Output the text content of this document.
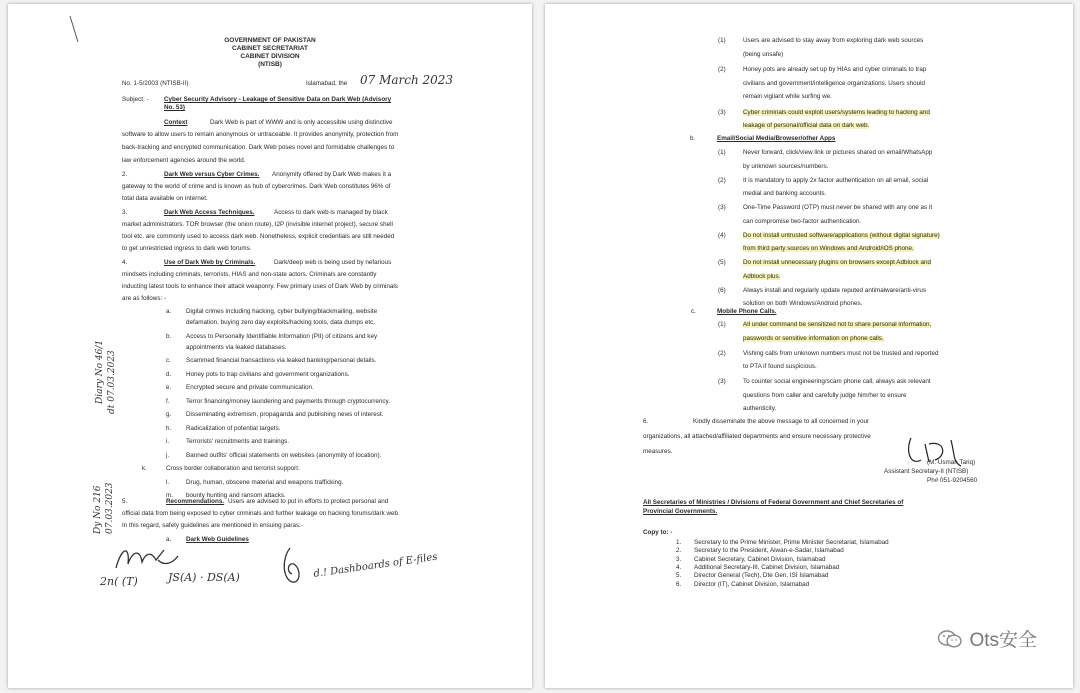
GOVERNMENT OF PAKISTAN
CABINET SECRETARIAT
CABINET DIVISION
(NTISB)
No. 1-5/2003 (NTISB-II)	Islamabad, the 07 March 2023
Subject: - Cyber Security Advisory - Leakage of Sensitive Data on Dark Web (Advisory
No. 53)
Context	Dark Web is part of WWW and is only accessible using distinctive
software to allow users to remain anonymous or untraceable. It provides anonymity, protection from
back-tracking and encrypted communication. Dark Web poses novel and formidable challenges to
law enforcement agencies around the world.
2.	Dark Web versus Cyber Crimes. Anonymity offered by Dark Web makes it a
gateway to the world of crime and is known as hub of cybercrimes. Dark Web constitutes 96% of
total data available on internet.
3.	Dark Web Access Techniques.	Access to dark web is managed by black
market administrators. TOR browser (the onion route), I2P (invisible internet project), secure shell
tool etc. are commonly used to access dark web. Nonetheless, explicit credentials are still needed
to get unrestricted ingress to dark web forums.
4.	Use of Dark Web by Criminals.	Dark/deep web is being used by nefarious
mindsets including criminals, terrorists, HIAS and non-state actors. Criminals are constantly
inducting latest tools to enhance their attack weaponry. Few primary uses of Dark Web by criminals
are as follows: -
a. Digital crimes including hacking, cyber bullying/blackmailing, website
defamation, buying zero day exploits/hacking tools, data dumps etc.
b. Access to Personally Identifiable Information (PII) of citizens and key
appointments via leaked databases.
c. Scammed financial transactions via leaked banking/personal details.
d. Honey pots to trap civilians and government organizations.
e. Encrypted secure and private communication.
f.	Terror financing/money laundering and payments through cryptocurrency.
g. Disseminating extremism, propaganda and publishing news of interest.
h. Radicalization of potential targets.
i.	Terrorists' recruitments and trainings.
j.	Banned outfits' official statements on websites (anonymity of location).
k.	Cross border collaboration and terrorist support.
l.	Drug, human, obscene material and weapons trafficking.
m. bounty hunting and ransom attacks.
5.	Recommendations. Users are advised to put in efforts to protect personal and
official data from being exposed to cyber criminals and further leakage on hacking forums/dark web.
In this regard, safety guidelines are mentioned in ensuing paras:-
a. Dark Web Guidelines
Diary No 46/1 dt 07.03.2023
Dy No 216 07.03.2023
2n( (T)	JS(A) · DS(A)	d.! Dashboards of E-files
(1)	Users are advised to stay away from exploring dark web sources
(being unsafe)
(2)	Honey pots are already set up by HIAs and cyber criminals to trap
civilians and government/intelligence organizations. Users should
remain vigilant while surfing we.
(3)	Cyber criminals could exploit users/systems leading to hacking and
leakage of personal/official data on dark web.
b.	Email/Social Media/Browser/other Apps
(1)	Never forward, click/view link or pictures shared on email/WhatsApp
by unknown sources/numbers.
(2)	It is mandatory to apply 2x factor authentication on all email, social
medial and banking accounts.
(3)	One-Time Password (OTP) must never be shared with any one as it
can compromise two-factor authentication.
(4)	Do not install untrusted software/applications (without digital signature)
from third party sources on Windows and Android/iOS phone.
(5)	Do not install unnecessary plugins on browsers except Adblock and
Adblock plus.
(6)	Always install and regularly update reputed antimalware/anti-virus
solution on both Windows/Android phones.
c.	Mobile Phone Calls.
(1)	All under command be sensitized not to share personal information,
passwords or sensitive information on phone calls.
(2)	Vishing calls from unknown numbers must not be trusted and reported
to PTA if found suspicious.
(3)	To counter social engineering/scam phone call, always ask relevant
questions from caller and carefully judge him/her to ensure
authenticity.
6.	Kindly disseminate the above message to all concerned in your
organizations, all attached/affiliated departments and ensure necessary protective
measures.
(M. Usman Tariq)
Assistant Secretary-II (NTISB)
Ph# 051-9204560
All Secretaries of Ministries / Divisions of Federal Government and Chief Secretaries of
Provincial Governments.
Copy to: -
1. Secretary to the Prime Minister, Prime Minister Secretariat, Islamabad
2. Secretary to the President, Aiwan-e-Sadar, Islamabad
3. Cabinet Secretary, Cabinet Division, Islamabad
4. Additional Secretary-III, Cabinet Division, Islamabad
5. Director General (Tech), Dte Gen, ISI Islamabad
6. Director (IT), Cabinet Division, Islamabad
Ots安全
